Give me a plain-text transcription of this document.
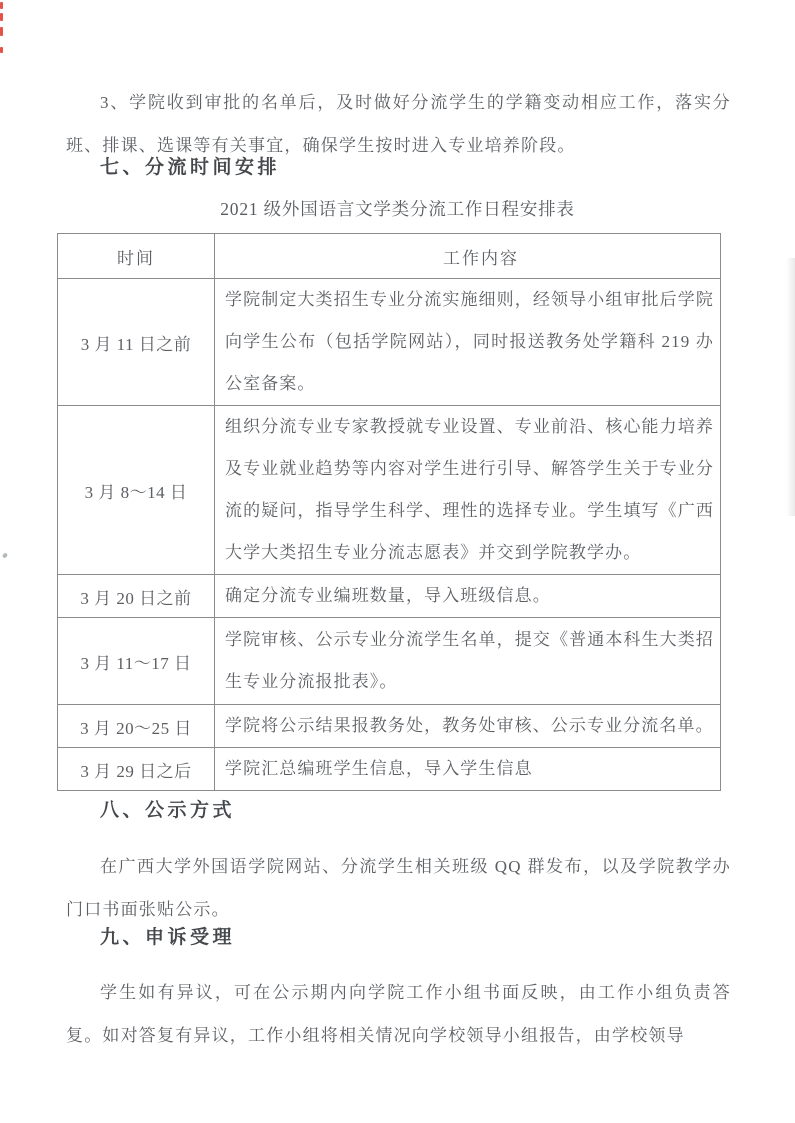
3、学院收到审批的名单后，及时做好分流学生的学籍变动相应工作，落实分班、排课、选课等有关事宜，确保学生按时进入专业培养阶段。

七、分流时间安排
2021 级外国语言文学类分流工作日程安排表
时间	工作内容
3 月 11 日之前	学院制定大类招生专业分流实施细则，经领导小组审批后学院向学生公布（包括学院网站），同时报送教务处学籍科 219 办公室备案。
3 月 8～14 日	组织分流专业专家教授就专业设置、专业前沿、核心能力培养及专业就业趋势等内容对学生进行引导、解答学生关于专业分流的疑问，指导学生科学、理性的选择专业。学生填写《广西大学大类招生专业分流志愿表》并交到学院教学办。
3 月 20 日之前	确定分流专业编班数量，导入班级信息。
3 月 11～17 日	学院审核、公示专业分流学生名单，提交《普通本科生大类招生专业分流报批表》。
3 月 20～25 日	学院将公示结果报教务处，教务处审核、公示专业分流名单。
3 月 29 日之后	学院汇总编班学生信息，导入学生信息
八、公示方式

在广西大学外国语学院网站、分流学生相关班级 QQ 群发布，以及学院教学办门口书面张贴公示。

九、申诉受理

学生如有异议，可在公示期内向学院工作小组书面反映，由工作小组负责答复。如对答复有异议，工作小组将相关情况向学校领导小组报告，由学校领导
